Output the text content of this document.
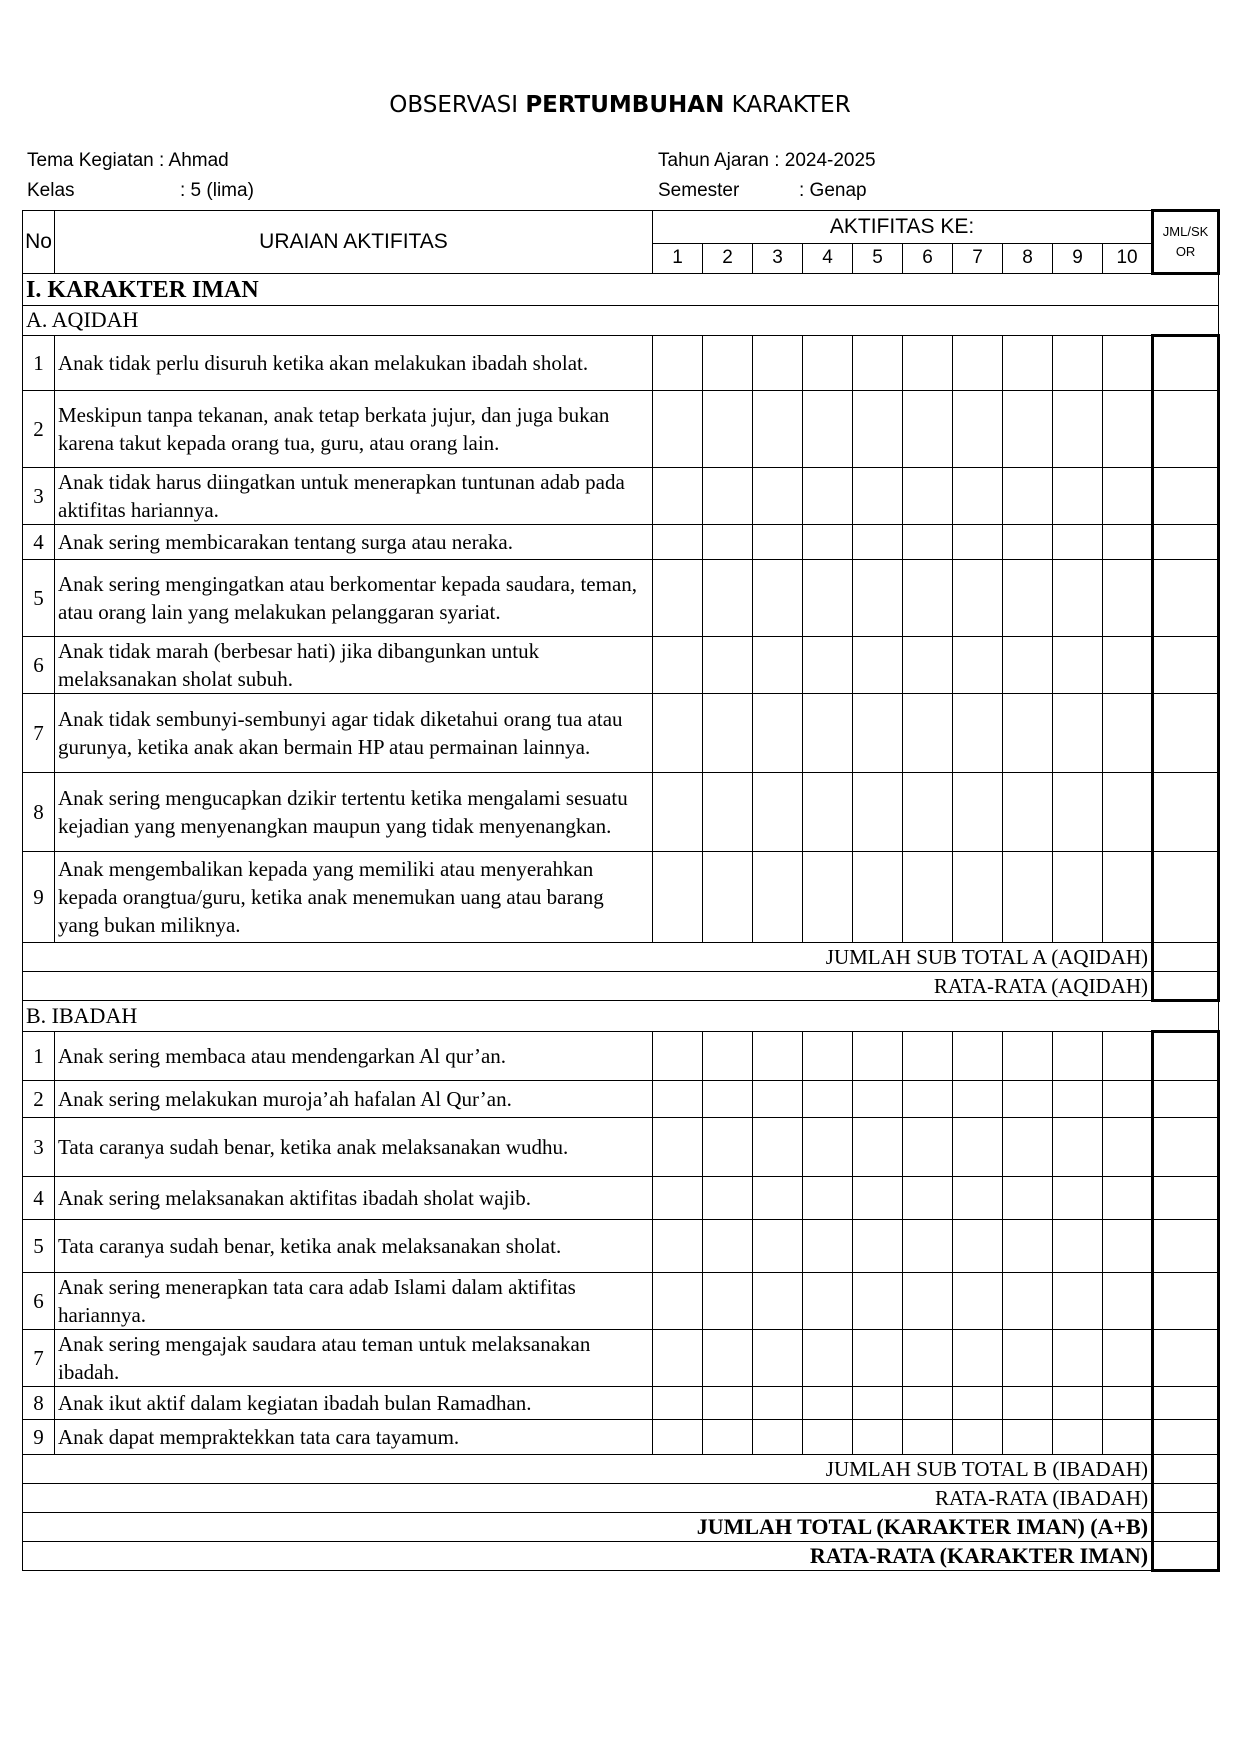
OBSERVASI PERTUMBUHAN KARAKTER
Tema Kegiatan : Ahmad
Kelas	: 5 (lima)
Tahun Ajaran : 2024-2025
Semester	: Genap
No	URAIAN AKTIFITAS	AKTIFITAS KE:										JML/SK
OR

		1	2	3	4	5	6	7	8	9	10	
I. KARAKTER IMAN												
A. AQIDAH												
1	Anak tidak perlu disuruh ketika akan melakukan ibadah sholat.											
2	Meskipun tanpa tekanan, anak tetap berkata jujur, dan juga bukan karena takut kepada orang tua, guru, atau orang lain.											
3	Anak tidak harus diingatkan untuk menerapkan tuntunan adab pada aktifitas hariannya.											
4	Anak sering membicarakan tentang surga atau neraka.											
5	Anak sering mengingatkan atau berkomentar kepada saudara, teman, atau orang lain yang melakukan pelanggaran syariat.											
6	Anak tidak marah (berbesar hati) jika dibangunkan untuk melaksanakan sholat subuh.											
7	Anak tidak sembunyi-sembunyi agar tidak diketahui orang tua atau gurunya, ketika anak akan bermain HP atau permainan lainnya.											
8	Anak sering mengucapkan dzikir tertentu ketika mengalami sesuatu kejadian yang menyenangkan maupun yang tidak menyenangkan.											
9	Anak mengembalikan kepada yang memiliki atau menyerahkan kepada orangtua/guru, ketika anak menemukan uang atau barang yang bukan miliknya.											
JUMLAH SUB TOTAL A (AQIDAH)												
RATA-RATA (AQIDAH)												
B. IBADAH												
1	Anak sering membaca atau mendengarkan Al qur’an.											
2	Anak sering melakukan muroja’ah hafalan Al Qur’an.											
3	Tata caranya sudah benar, ketika anak melaksanakan wudhu.											
4	Anak sering melaksanakan aktifitas ibadah sholat wajib.											
5	Tata caranya sudah benar, ketika anak melaksanakan sholat.											
6	Anak sering menerapkan tata cara adab Islami dalam aktifitas hariannya.											
7	Anak sering mengajak saudara atau teman untuk melaksanakan ibadah.											
8	Anak ikut aktif dalam kegiatan ibadah bulan Ramadhan.											
9	Anak dapat mempraktekkan tata cara tayamum.											
JUMLAH SUB TOTAL B (IBADAH)												
RATA-RATA (IBADAH)												
JUMLAH TOTAL (KARAKTER IMAN) (A+B)												
RATA-RATA (KARAKTER IMAN)												
